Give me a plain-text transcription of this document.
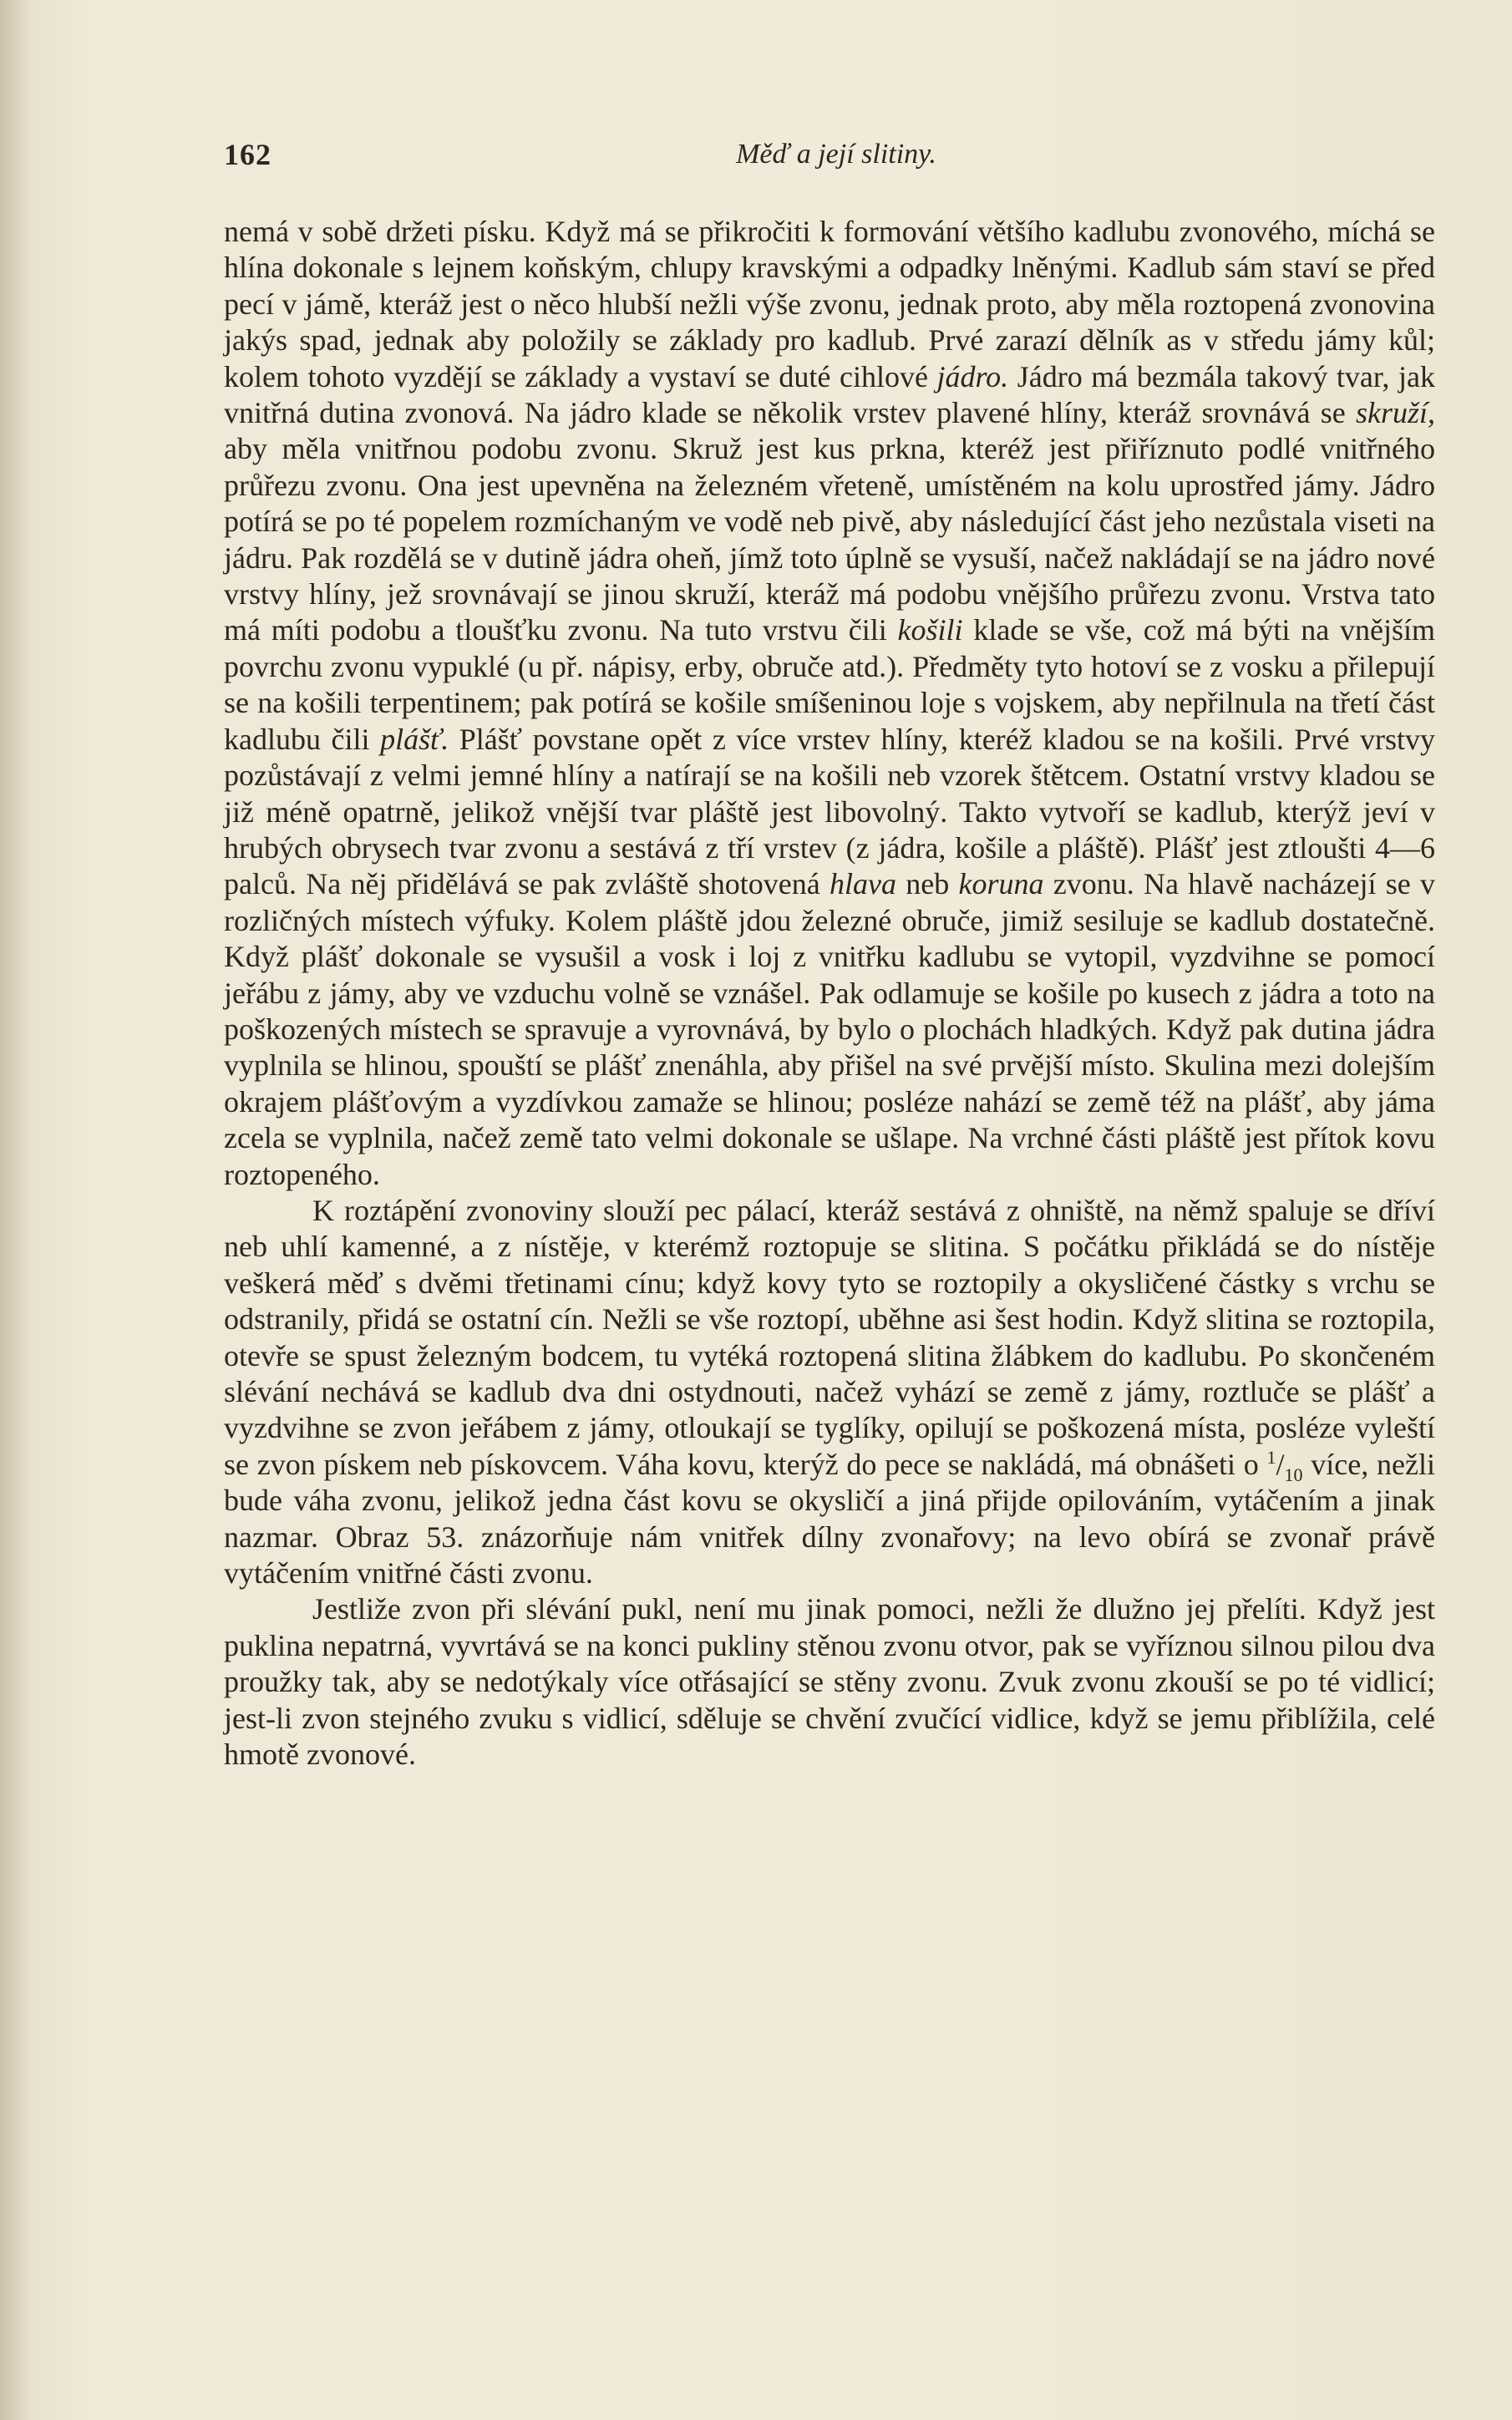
162	Měď a její slitiny.

nemá v sobě držeti písku. Když má se přikročiti k formování většího kadlubu zvonového, míchá se hlína dokonale s lejnem koňským, chlupy kravskými a odpadky lněnými. Kadlub sám staví se před pecí v jámě, kteráž jest o něco hlubší nežli výše zvonu, jednak proto, aby měla roztopená zvonovina jakýs spad, jednak aby položily se základy pro kadlub. Prvé zarazí dělník as v středu jámy kůl; kolem tohoto vyzdějí se základy a vystaví se duté cihlové jádro. Jádro má bezmála takový tvar, jak vnitřná dutina zvonová. Na jádro klade se několik vrstev plavené hlíny, kteráž srovnává se skruží, aby měla vnitřnou podobu zvonu. Skruž jest kus prkna, kteréž jest přiříznuto podlé vnitřného průřezu zvonu. Ona jest upevněna na železném vřeteně, umístěném na kolu uprostřed jámy. Jádro potírá se po té popelem rozmíchaným ve vodě neb pivě, aby následující část jeho nezůstala viseti na jádru. Pak rozdělá se v dutině jádra oheň, jímž toto úplně se vysuší, načež nakládají se na jádro nové vrstvy hlíny, jež srovnávají se jinou skruží, kteráž má podobu vnějšího průřezu zvonu. Vrstva tato má míti podobu a tloušťku zvonu. Na tuto vrstvu čili košili klade se vše, což má býti na vnějším povrchu zvonu vypuklé (u př. nápisy, erby, obruče atd.). Předměty tyto hotoví se z vosku a přilepují se na košili terpentinem; pak potírá se košile smíšeninou loje s vojskem, aby nepřilnula na třetí část kadlubu čili plášť. Plášť povstane opět z více vrstev hlíny, kteréž kladou se na košili. Prvé vrstvy pozůstávají z velmi jemné hlíny a natírají se na košili neb vzorek štětcem. Ostatní vrstvy kladou se již méně opatrně, jelikož vnější tvar pláště jest libovolný. Takto vytvoří se kadlub, kterýž jeví v hrubých obrysech tvar zvonu a sestává z tří vrstev (z jádra, košile a pláště). Plášť jest ztloušti 4—6 palců. Na něj přidělává se pak zvláště shotovená hlava neb koruna zvonu. Na hlavě nacházejí se v rozličných místech výfuky. Kolem pláště jdou železné obruče, jimiž sesiluje se kadlub dostatečně. Když plášť dokonale se vysušil a vosk i loj z vnitřku kadlubu se vytopil, vyzdvihne se pomocí jeřábu z jámy, aby ve vzduchu volně se vznášel. Pak odlamuje se košile po kusech z jádra a toto na poškozených místech se spravuje a vyrovnává, by bylo o plochách hladkých. Když pak dutina jádra vyplnila se hlinou, spouští se plášť znenáhla, aby přišel na své prvější místo. Skulina mezi dolejším okrajem plášťovým a vyzdívkou zamaže se hlinou; posléze nahází se země též na plášť, aby jáma zcela se vyplnila, načež země tato velmi dokonale se ušlape. Na vrchné části pláště jest přítok kovu roztopeného.

K roztápění zvonoviny slouží pec pálací, kteráž sestává z ohniště, na němž spaluje se dříví neb uhlí kamenné, a z nístěje, v kterémž roztopuje se slitina. S počátku přikládá se do nístěje veškerá měď s dvěmi třetinami cínu; když kovy tyto se roztopily a okysličené částky s vrchu se odstranily, přidá se ostatní cín. Nežli se vše roztopí, uběhne asi šest hodin. Když slitina se roztopila, otevře se spust železným bodcem, tu vytéká roztopená slitina žlábkem do kadlubu. Po skončeném slévání nechává se kadlub dva dni ostydnouti, načež vyhází se země z jámy, roztluče se plášť a vyzdvihne se zvon jeřábem z jámy, otloukají se tyglíky, opilují se poškozená místa, posléze vyleští se zvon pískem neb pískovcem. Váha kovu, kterýž do pece se nakládá, má obnášeti o $^1/_{10}$ více, nežli bude váha zvonu, jelikož jedna část kovu se okysličí a jiná přijde opilováním, vytáčením a jinak nazmar. Obraz 53. znázorňuje nám vnitřek dílny zvonařovy; na levo obírá se zvonař právě vytáčením vnitřné části zvonu.

Jestliže zvon při slévání pukl, není mu jinak pomoci, nežli že dlužno jej přelíti. Když jest puklina nepatrná, vyvrtává se na konci pukliny stěnou zvonu otvor, pak se vyříznou silnou pilou dva proužky tak, aby se nedotýkaly více otřásající se stěny zvonu. Zvuk zvonu zkouší se po té vidlicí; jest-li zvon stejného zvuku s vidlicí, sděluje se chvění zvučící vidlice, když se jemu přiblížila, celé hmotě zvonové.
